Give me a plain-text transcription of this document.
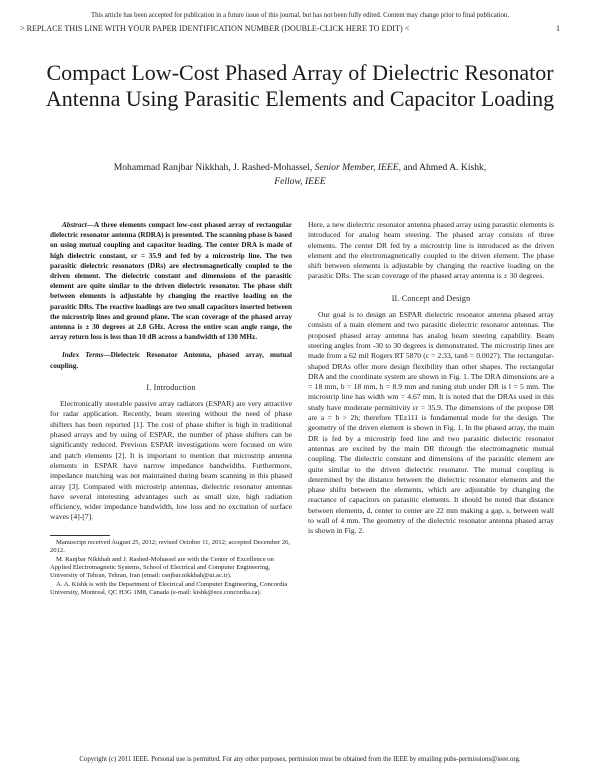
This article has been accepted for publication in a future issue of this journal, but has not been fully edited. Content may change prior to final publication.
> REPLACE THIS LINE WITH YOUR PAPER IDENTIFICATION NUMBER (DOUBLE-CLICK HERE TO EDIT) <	1
Compact Low-Cost Phased Array of Dielectric Resonator Antenna Using Parasitic Elements and Capacitor Loading
Mohammad Ranjbar Nikkhah, J. Rashed-Mohassel, Senior Member, IEEE, and Ahmed A. Kishk,
Fellow, IEEE

Abstract—A three elements compact low-cost phased array of rectangular dielectric resonator antenna (RDRA) is presented. The scanning phase is based on using mutual coupling and capacitor loading. The center DRA is made of high dielectric constant, εr = 35.9 and fed by a microstrip line. The two parasitic dielectric resonators (DRs) are electromagnetically coupled to the driven element. The dielectric constant and dimensions of the parasitic element are quite similar to the driven dielectric resonator. The phase shift between elements is adjustable by changing the reactive loading on the parasitic DRs. The reactive loadings are two small capacitors inserted between the microstrip lines and ground plane. The scan coverage of the phased array antenna is ± 30 degrees at 2.8 GHz. Across the entire scan angle range, the array return loss is less than 10 dB across a bandwidth of 130 MHz.

Index Terms—Dielectric Resonator Antenna, phased array, mutual coupling.

I. Introduction

Electronically steerable passive array radiators (ESPAR) are very attractive for radar application. Recently, beam steering without the need of phase shifters has been reported [1]. The cost of phase shifter is high in traditional phased arrays and by using of ESPAR, the number of phase shifters can be significantly reduced. Previous ESPAR investigations were focused on wire and patch elements [2]. It is important to mention that microstrip antenna elements in ESPAR have narrow impedance bandwidths. Furthermore, impedance matching was not maintained during beam scanning in this phased array [3]. Compared with microstrip antennas, dielectric resonator antennas have several interesting advantages such as small size, high radiation efficiency, wider impedance bandwidth, low loss and no excitation of surface waves [4]-[7].

Manuscript received August 25, 2012; revised October 11, 2012; accepted December 26, 2012.

M. Ranjbar Nikkhah and J. Rashed-Mohassel are with the Center of Excellence on Applied Electromagnetic Systems, School of Electrical and Computer Engineering, University of Tehran, Tehran, Iran (email: ranjbar.nikkhah@ut.ac.ir).

A. A. Kishk is with the Department of Electrical and Computer Engineering, Concordia University, Montreal, QC H3G 1M8, Canada (e-mail: kishk@ece.concordia.ca).

Here, a new dielectric resonator antenna phased array using parasitic elements is introduced for analog beam steering. The phased array consists of three elements. The center DR fed by a microstrip line is introduced as the driven element and the electromagnetically coupled to the driven element. The phase shift between elements is adjustable by changing the reactive loading on the parasitic DRs. The scan coverage of the phased array antenna is ± 30 degrees.

II. Concept and Design

Our goal is to design an ESPAR dielectric resonator antenna phased array consists of a main element and two parasitic dielectric resonator antennas. The proposed phased array antenna has analog beam steering capability. Beam steering angles from -30 to 30 degrees is demonstrated. The microstrip lines are made from a 62 mil Rogers RT 5870 (ε = 2.33, tanδ = 0.0027). The rectangular-shaped DRAs offer more design flexibility than other shapes. The rectangular DRA and the coordinate system are shown in Fig. 1. The DRA dimensions are a = 18 mm, b = 18 mm, h = 8.9 mm and tuning stub under DR is l = 5 mm. The microstrip line has width wm = 4.67 mm. It is noted that the DRAs used in this study have moderate permittivity εr = 35.9. The dimensions of the propose DR are a = b > 2h; therefore TEz111 is fundamental mode for the design. The geometry of the driven element is shown in Fig. 1. In the phased array, the main DR is fed by a microstrip feed line and two parasitic dielectric resonator antennas are excited by the main DR through the electromagnetic mutual coupling. The dielectric constant and dimensions of the parasitic element are quite similar to the driven dielectric resonator. The mutual coupling is determined by the distance between the dielectric resonator elements and the phase shifts between the elements, which are adjustable by changing the reactance of capacitors on parasitic elements. It should be noted that distance between elements, d, center to center are 22 mm making a gap, s, between wall to wall of 4 mm. The geometry of the dielectric resonator antenna phased array is shown in Fig. 2.

Copyright (c) 2011 IEEE. Personal use is permitted. For any other purposes, permission must be obtained from the IEEE by emailing pubs-permissions@ieee.org.
